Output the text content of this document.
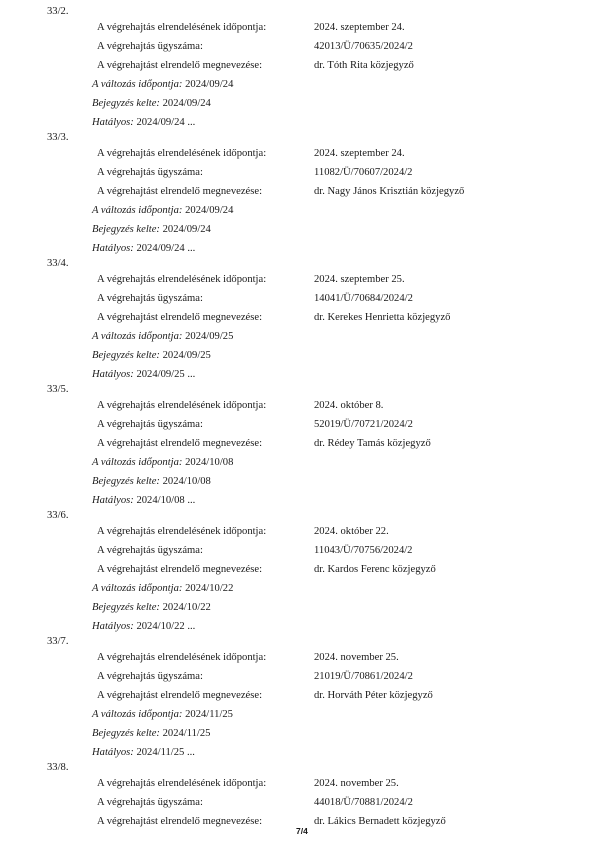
33/2.
A végrehajtás elrendelésének időpontja:	2024. szeptember 24.
A végrehajtás ügyszáma:	42013/Ü/70635/2024/2
A végrehajtást elrendelő megnevezése:	dr. Tóth Rita közjegyző
A változás időpontja: 2024/09/24
Bejegyzés kelte: 2024/09/24
Hatályos: 2024/09/24 ...
33/3.
A végrehajtás elrendelésének időpontja:	2024. szeptember 24.
A végrehajtás ügyszáma:	11082/Ü/70607/2024/2
A végrehajtást elrendelő megnevezése:	dr. Nagy János Krisztián közjegyző
A változás időpontja: 2024/09/24
Bejegyzés kelte: 2024/09/24
Hatályos: 2024/09/24 ...
33/4.
A végrehajtás elrendelésének időpontja:	2024. szeptember 25.
A végrehajtás ügyszáma:	14041/Ü/70684/2024/2
A végrehajtást elrendelő megnevezése:	dr. Kerekes Henrietta közjegyző
A változás időpontja: 2024/09/25
Bejegyzés kelte: 2024/09/25
Hatályos: 2024/09/25 ...
33/5.
A végrehajtás elrendelésének időpontja:	2024. október 8.
A végrehajtás ügyszáma:	52019/Ü/70721/2024/2
A végrehajtást elrendelő megnevezése:	dr. Rédey Tamás közjegyző
A változás időpontja: 2024/10/08
Bejegyzés kelte: 2024/10/08
Hatályos: 2024/10/08 ...
33/6.
A végrehajtás elrendelésének időpontja:	2024. október 22.
A végrehajtás ügyszáma:	11043/Ü/70756/2024/2
A végrehajtást elrendelő megnevezése:	dr. Kardos Ferenc közjegyző
A változás időpontja: 2024/10/22
Bejegyzés kelte: 2024/10/22
Hatályos: 2024/10/22 ...
33/7.
A végrehajtás elrendelésének időpontja:	2024. november 25.
A végrehajtás ügyszáma:	21019/Ü/70861/2024/2
A végrehajtást elrendelő megnevezése:	dr. Horváth Péter közjegyző
A változás időpontja: 2024/11/25
Bejegyzés kelte: 2024/11/25
Hatályos: 2024/11/25 ...
33/8.
A végrehajtás elrendelésének időpontja:	2024. november 25.
A végrehajtás ügyszáma:	44018/Ü/70881/2024/2
A végrehajtást elrendelő megnevezése:	dr. Lákics Bernadett közjegyző
7/4
